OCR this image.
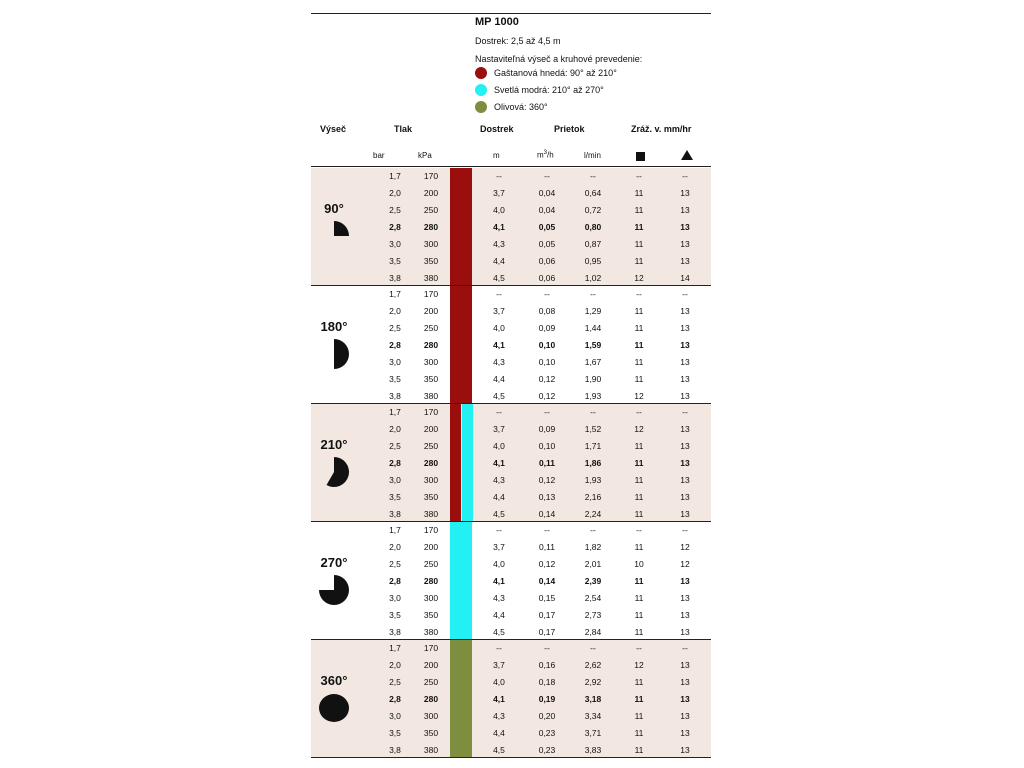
MP 1000
Dostrek: 2,5 až 4,5 m
Nastaviteľná výseč a kruhové prevedenie:
Gaštanová hnedá: 90° až 210°
Svetlá modrá: 210° až 270°
Olivová: 360°
Výseč	Tlak	Dostrek	Prietok	Zráž. v. mm/hr
bar	kPa	m	$m^3/h$	l/min
90°
1,7	170	--	--	--	--	--
2,0	200	3,7	0,04	0,64	11	13
2,5	250	4,0	0,04	0,72	11	13
2,8	280	4,1	0,05	0,80	11	13
3,0	300	4,3	0,05	0,87	11	13
3,5	350	4,4	0,06	0,95	11	13
3,8	380	4,5	0,06	1,02	12	14
180°
1,7	170	--	--	--	--	--
2,0	200	3,7	0,08	1,29	11	13
2,5	250	4,0	0,09	1,44	11	13
2,8	280	4,1	0,10	1,59	11	13
3,0	300	4,3	0,10	1,67	11	13
3,5	350	4,4	0,12	1,90	11	13
3,8	380	4,5	0,12	1,93	12	13
210°
1,7	170	--	--	--	--	--
2,0	200	3,7	0,09	1,52	12	13
2,5	250	4,0	0,10	1,71	11	13
2,8	280	4,1	0,11	1,86	11	13
3,0	300	4,3	0,12	1,93	11	13
3,5	350	4,4	0,13	2,16	11	13
3,8	380	4,5	0,14	2,24	11	13
270°
1,7	170	--	--	--	--	--
2,0	200	3,7	0,11	1,82	11	12
2,5	250	4,0	0,12	2,01	10	12
2,8	280	4,1	0,14	2,39	11	13
3,0	300	4,3	0,15	2,54	11	13
3,5	350	4,4	0,17	2,73	11	13
3,8	380	4,5	0,17	2,84	11	13
360°
1,7	170	--	--	--	--	--
2,0	200	3,7	0,16	2,62	12	13
2,5	250	4,0	0,18	2,92	11	13
2,8	280	4,1	0,19	3,18	11	13
3,0	300	4,3	0,20	3,34	11	13
3,5	350	4,4	0,23	3,71	11	13
3,8	380	4,5	0,23	3,83	11	13
